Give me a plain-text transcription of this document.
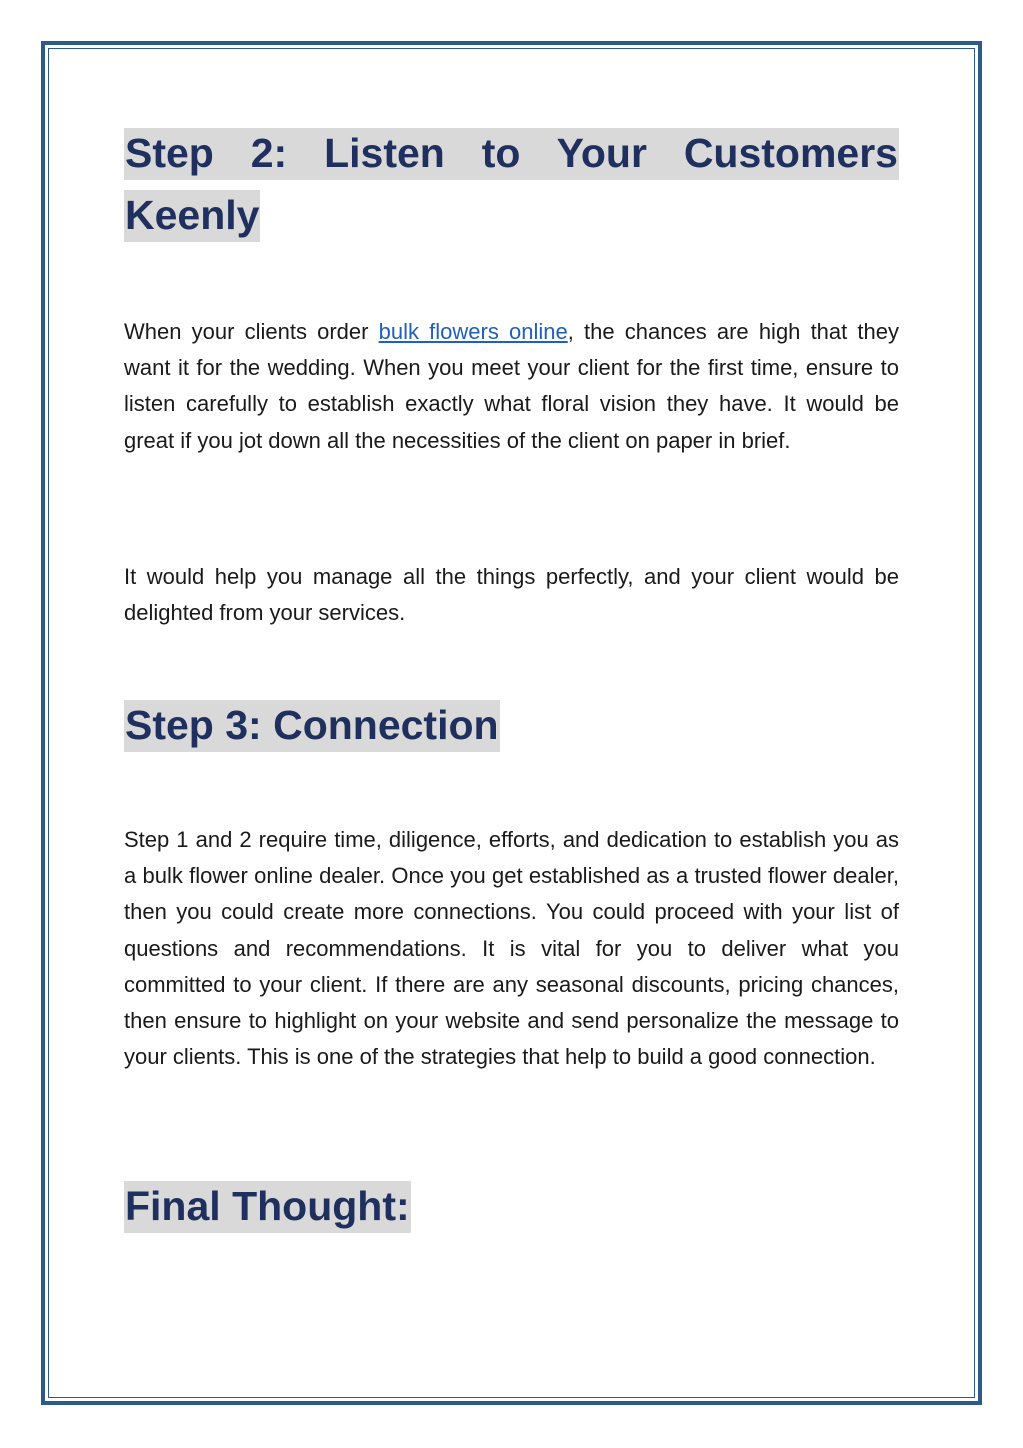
Step 2: Listen to Your Customers Keenly

When your clients order bulk flowers online, the chances are high that they want it for the wedding. When you meet your client for the first time, ensure to listen carefully to establish exactly what floral vision they have. It would be great if you jot down all the necessities of the client on paper in brief.

It would help you manage all the things perfectly, and your client would be delighted from your services.

Step 3: Connection

Step 1 and 2 require time, diligence, efforts, and dedication to establish you as a bulk flower online dealer. Once you get established as a trusted flower dealer, then you could create more connections. You could proceed with your list of questions and recommendations. It is vital for you to deliver what you committed to your client. If there are any seasonal discounts, pricing chances, then ensure to highlight on your website and send personalize the message to your clients. This is one of the strategies that help to build a good connection.

Final Thought:
